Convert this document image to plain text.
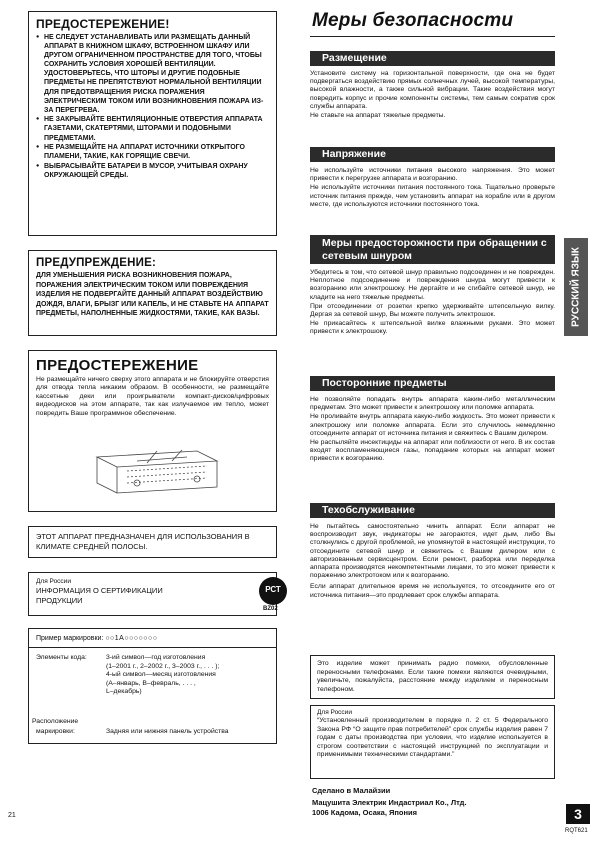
ПРЕДОСТЕРЕЖЕНИЕ!
● НЕ СЛЕДУЕТ УСТАНАВЛИВАТЬ ИЛИ РАЗМЕЩАТЬ ДАННЫЙ АППАРАТ В КНИЖНОМ ШКАФУ, ВСТРОЕННОМ ШКАФУ ИЛИ ДРУГОМ ОГРАНИЧЕННОМ ПРОСТРАНСТВЕ ДЛЯ ТОГО, ЧТОБЫ СОХРАНИТЬ УСЛОВИЯ ХОРОШЕЙ ВЕНТИЛЯЦИИ. УДОСТОВЕРЬТЕСЬ, ЧТО ШТОРЫ И ДРУГИЕ ПОДОБНЫЕ ПРЕДМЕТЫ НЕ ПРЕПЯТСТВУЮТ НОРМАЛЬНОЙ ВЕНТИЛЯЦИИ ДЛЯ ПРЕДОТВРАЩЕНИЯ РИСКА ПОРАЖЕНИЯ ЭЛЕКТРИЧЕСКИМ ТОКОМ ИЛИ ВОЗНИКНОВЕНИЯ ПОЖАРА ИЗ-ЗА ПЕРЕГРЕВА.
● НЕ ЗАКРЫВАЙТЕ ВЕНТИЛЯЦИОННЫЕ ОТВЕРСТИЯ АППАРАТА ГАЗЕТАМИ, СКАТЕРТЯМИ, ШТОРАМИ И ПОДОБНЫМИ ПРЕДМЕТАМИ.
● НЕ РАЗМЕЩАЙТЕ НА АППАРАТ ИСТОЧНИКИ ОТКРЫТОГО ПЛАМЕНИ, ТАКИЕ, КАК ГОРЯЩИЕ СВЕЧИ.
● ВЫБРАСЫВАЙТЕ БАТАРЕИ В МУСОР, УЧИТЫВАЯ ОХРАНУ ОКРУЖАЮЩЕЙ СРЕДЫ.
ПРЕДУПРЕЖДЕНИЕ:
ДЛЯ УМЕНЬШЕНИЯ РИСКА ВОЗНИКНОВЕНИЯ ПОЖАРА, ПОРАЖЕНИЯ ЭЛЕКТРИЧЕСКИМ ТОКОМ ИЛИ ПОВРЕЖДЕНИЯ ИЗДЕЛИЯ НЕ ПОДВЕРГАЙТЕ ДАННЫЙ АППАРАТ ВОЗДЕЙСТВИЮ ДОЖДЯ, ВЛАГИ, БРЫЗГ ИЛИ КАПЕЛЬ, И НЕ СТАВЬТЕ НА АППАРАТ ПРЕДМЕТЫ, НАПОЛНЕННЫЕ ЖИДКОСТЯМИ, ТАКИЕ, КАК ВАЗЫ.
ПРЕДОСТЕРЕЖЕНИЕ
Не размещайте ничего сверху этого аппарата и не блокируйте отверстия для отвода тепла никаким образом. В особенности, не размещайте кассетные деки или проигрыватели компакт-дисков/цифровых видеодисков на этом аппарате, так как излучаемое им тепло, может повредить Ваше программное обеспечение.
ЭТОТ АППАРАТ ПРЕДНАЗНАЧЕН ДЛЯ ИСПОЛЬЗОВАНИЯ В КЛИМАТЕ СРЕДНЕЙ ПОЛОСЫ.
Для России
ИНФОРМАЦИЯ О СЕРТИФИКАЦИИ
ПРОДУКЦИИ
РСТ
BZ02
Пример маркировки: ○○1А○○○○○○○
Элементы кода:	3-ий символ—год изготовления
(1–2001 г., 2–2002 г., 3–2003 г., . . . );
4-ый символ—месяц изготовления
(А–январь, В–февраль, . . . ,
L–декабрь)
Расположение
маркировки:	Задняя или нижняя панель устройства
Меры безопасности
Размещение

Установите систему на горизонтальной поверхности, где она не будет подвергаться воздействию прямых солнечных лучей, высокой температуры, высокой влажности, а также сильной вибрации. Такие воздействия могут повредить корпус и прочие компоненты системы, тем самым сократив срок службы аппарата.

Не ставьте на аппарат тяжелые предметы.

Напряжение

Не используйте источники питания высокого напряжения. Это может привести к перегрузке аппарата и возгоранию.

Не используйте источники питания постоянного тока. Тщательно проверьте источник питания прежде, чем установить аппарат на корабле или в другом месте, где используются источники постоянного тока.

Меры предосторожности при обращении с сетевым шнуром

Убедитесь в том, что сетевой шнур правильно подсоединен и не поврежден. Неплотное подсоединение и повреждения шнура могут привести к возгоранию или электрошоку. Не дергайте и не сгибайте сетевой шнур, не кладите на него тяжелые предметы.

При отсоединении от розетки крепко удерживайте штепсельную вилку. Дергая за сетевой шнур, Вы можете получить электрошок.

Не прикасайтесь к штепсельной вилке влажными руками. Это может привести к электрошоку.

Посторонние предметы

Не позволяйте попадать внутрь аппарата каким-либо металлическим предметам. Это может привести к электрошоку или поломке аппарата.

Не проливайте внутрь аппарата какую-либо жидкость. Это может привести к электрошоку или поломке аппарата. Если это случилось немедленно отсоедините аппарат от источника питания и свяжитесь с Вашим дилером.

Не распыляйте инсектициды на аппарат или поблизости от него. В их состав входят воспламеняющиеся газы, попадание которых на аппарат может привести к возгоранию.

Техобслуживание

Не пытайтесь самостоятельно чинить аппарат. Если аппарат не воспроизводит звук, индикаторы не загораются, идет дым, либо Вы столкнулись с другой проблемой, не упомянутой в настоящей инструкции, то отсоедините сетевой шнур и свяжитесь с Вашим дилером или с авторизованным сервисцентром. Если ремонт, разборка или переделка аппарата производятся некомпетентными лицами, то это может привести к поражению электротоком или к возгоранию.

Если аппарат длительное время не используется, то отсоедините его от источника питания—это продлевает срок службы аппарата.

Это изделие может принимать радио помехи, обусловленные переносными телефонами. Если такие помехи являются очевидными, увеличьте, пожалуйста, расстояние между изделием и переносным телефоном.
Для России
“Установленный производителем в порядке п. 2 ст. 5 Федерального Закона РФ “О защите прав потребителей” срок службы изделия равен 7 годам с даты производства при условии, что изделие используется в строгом соответствии с настоящей инструкцией по эксплуатации и применимыми техническими стандартами.”
Сделано в Малайзии
Мацушита Электрик Индастриал Ко., Лтд.
1006 Кадома, Осака, Япония
21	3
RQT621
РУССКИЙ ЯЗЫК
